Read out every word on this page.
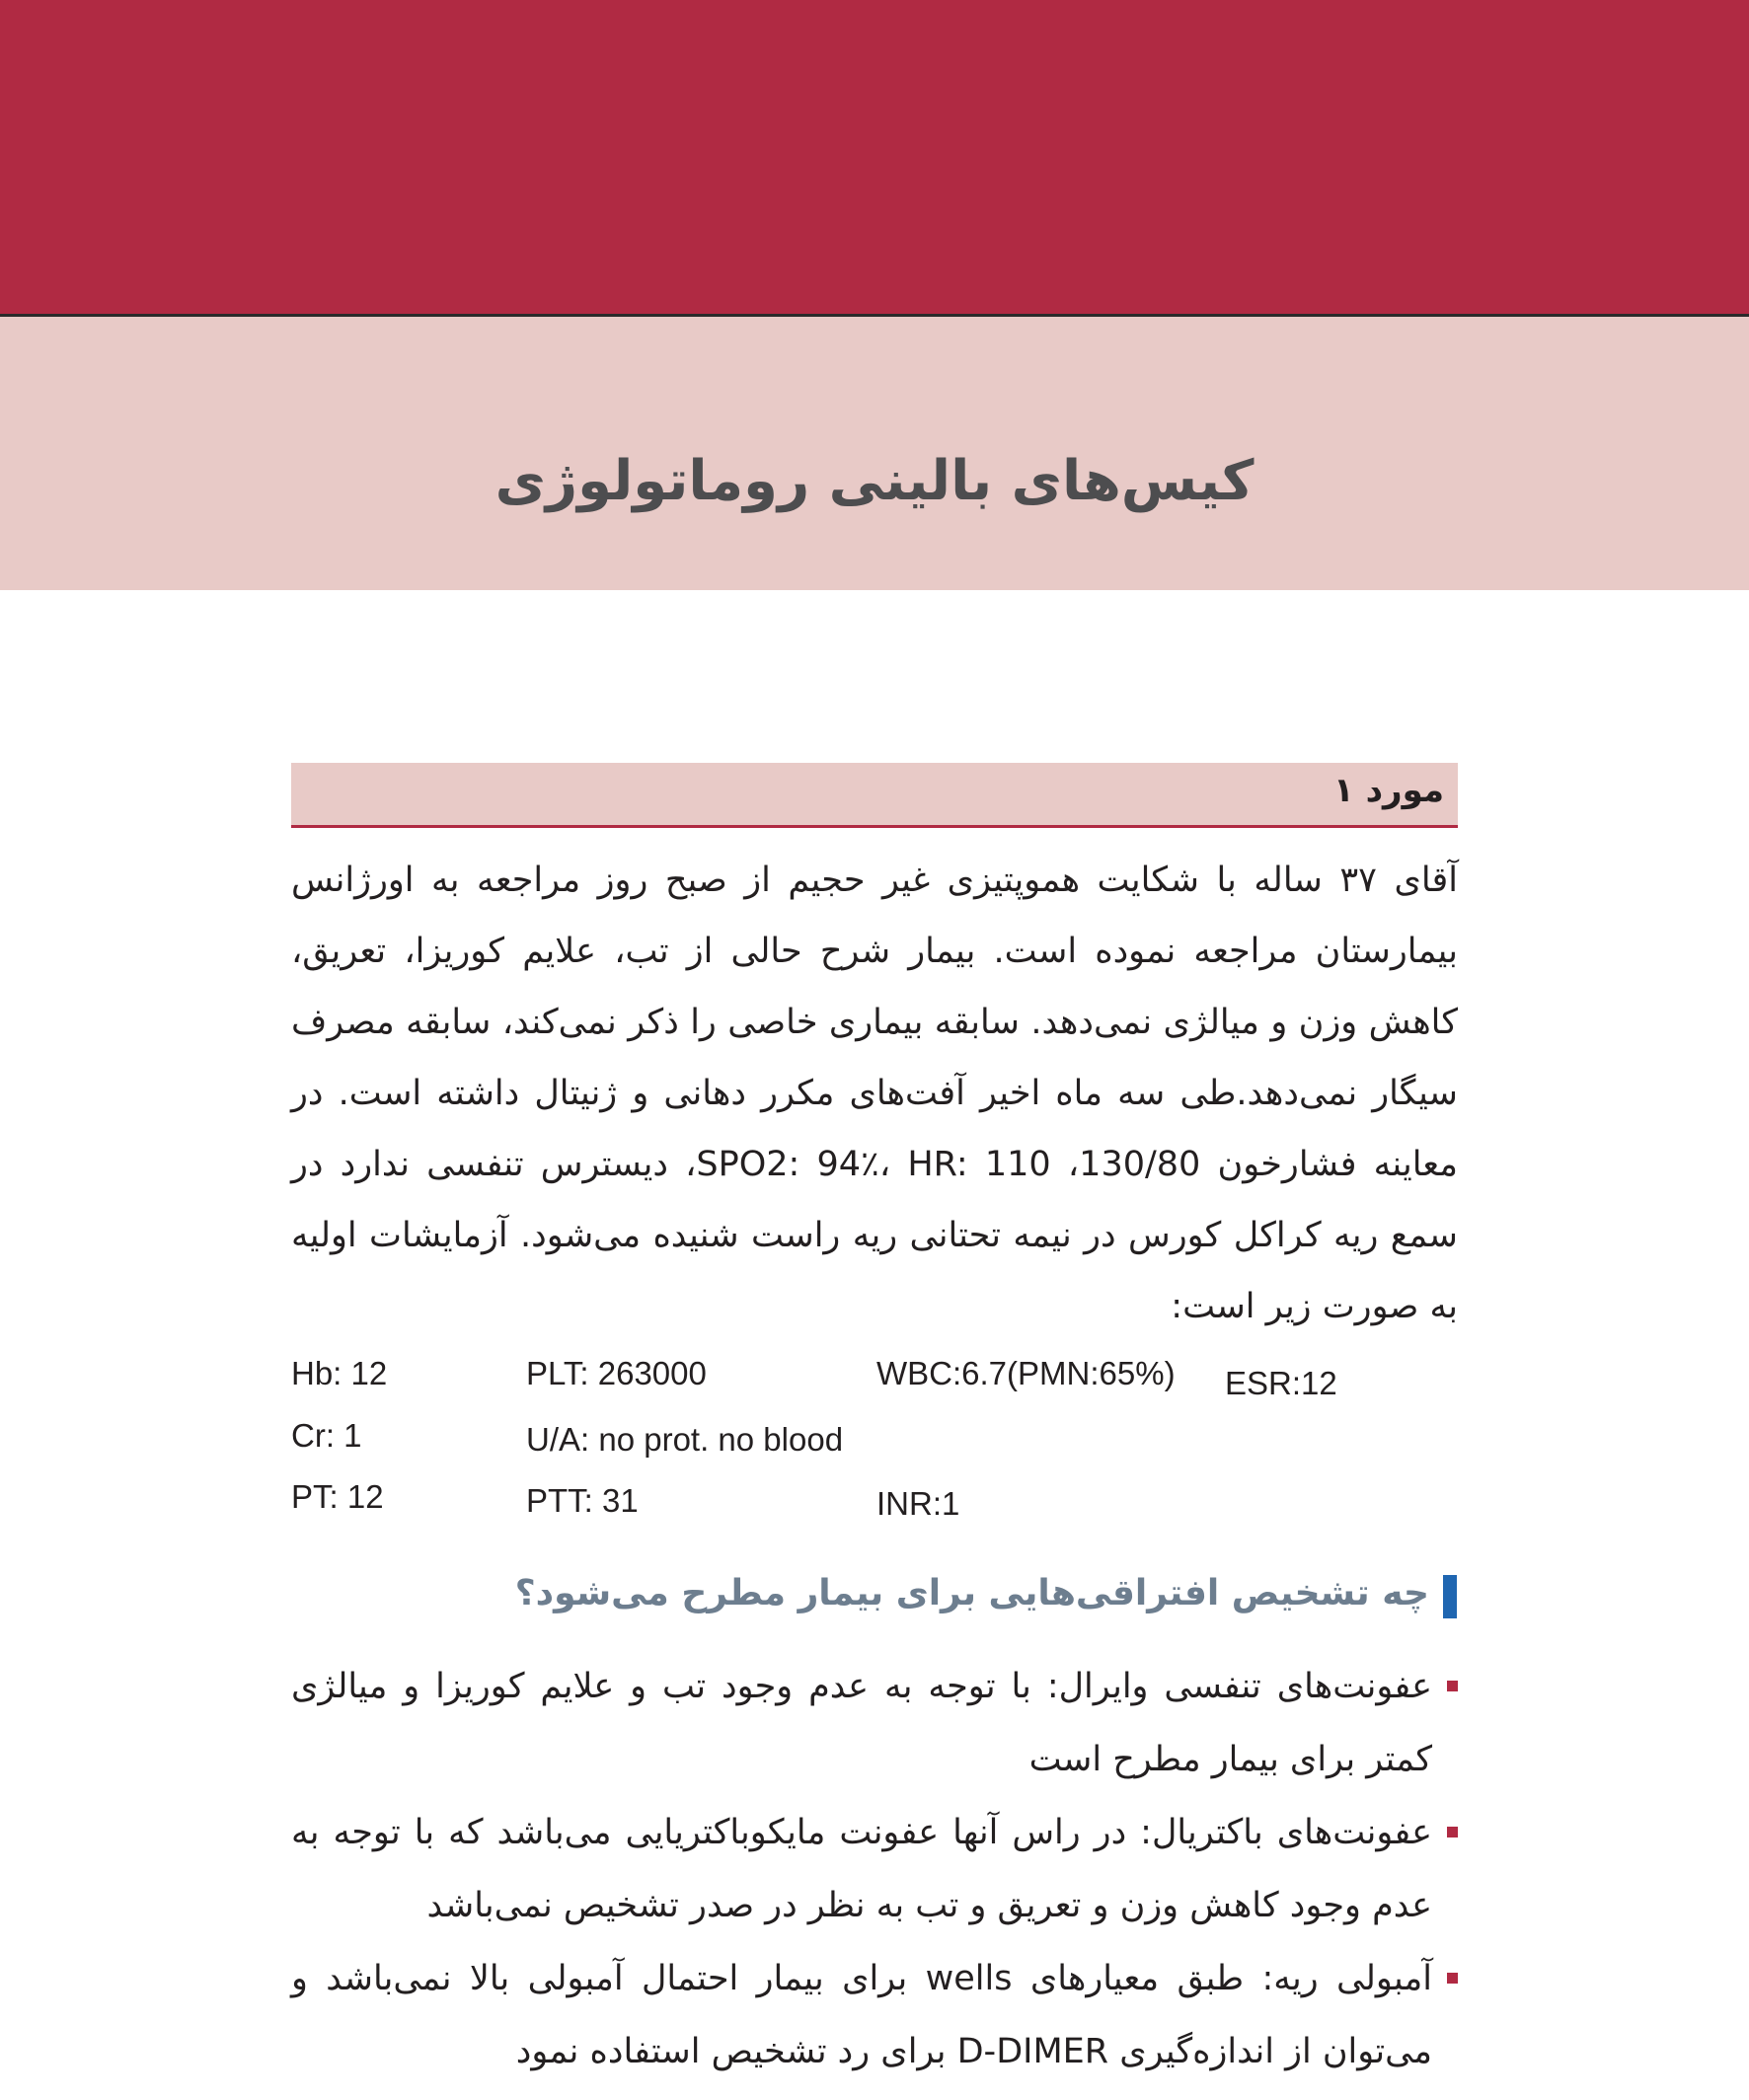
کیس‌های بالینی روماتولوژی
مورد ۱
آقای ۳۷ ساله با شکایت هموپتیزی غیر حجیم از صبح روز مراجعه به اورژانس بیمارستان مراجعه نموده است. بیمار شرح حالی از تب، علایم کوریزا، تعریق، کاهش وزن و میالژی نمی‌دهد. سابقه بیماری خاصی را ذکر نمی‌کند، سابقه مصرف سیگار نمی‌دهد.طی سه ماه اخیر آفت‌های مکرر دهانی و ژنیتال داشته است. در معاینه فشارخون 130/80، SPO2: 94٪، HR: 110، دیسترس تنفسی ندارد در سمع ریه کراکل کورس در نیمه تحتانی ریه راست شنیده می‌شود. آزمایشات اولیه به صورت زیر است:
Hb: 12	PLT: 263000	WBC:6.7(PMN:65%) ESR:12
Cr: 1	U/A: no prot. no blood
PT: 12	PTT: 31	INR:1
چه تشخیص افتراقی‌هایی برای بیمار مطرح می‌شود؟
عفونت‌های تنفسی وایرال: با توجه به عدم وجود تب و علایم کوریزا و میالژی کمتر برای بیمار مطرح است
عفونت‌های باکتریال: در راس آنها عفونت مایکوباکتریایی می‌باشد که با توجه به عدم وجود کاهش وزن و تعریق و تب به نظر در صدر تشخیص نمی‌باشد
آمبولی ریه: طبق معیارهای wells برای بیمار احتمال آمبولی بالا نمی‌باشد و می‌توان از اندازه‌گیری D-DIMER برای رد تشخیص استفاده نمود
